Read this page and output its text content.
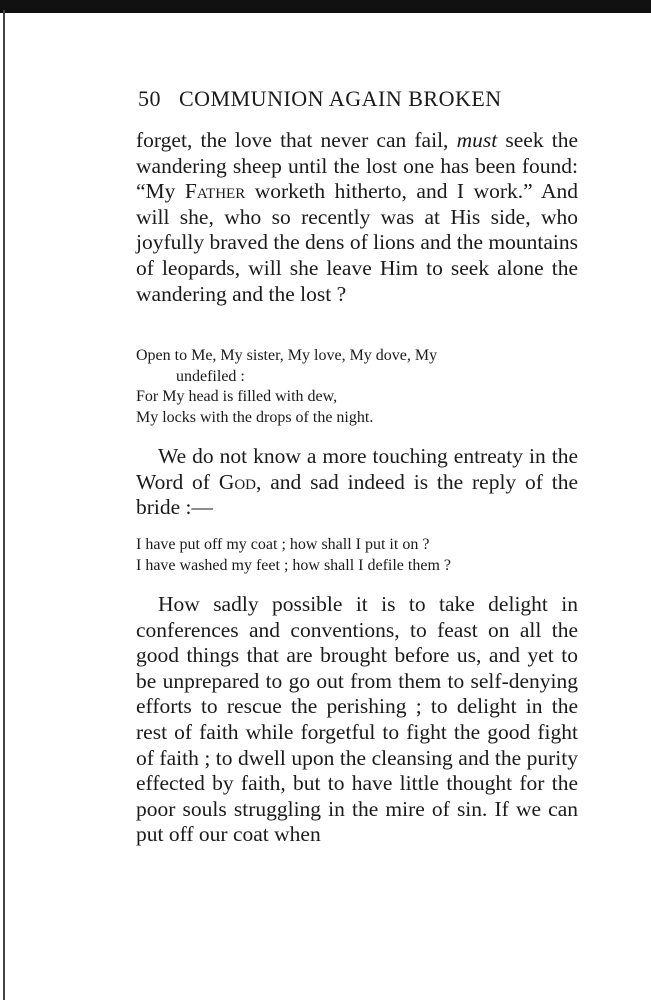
50 COMMUNION AGAIN BROKEN

forget, the love that never can fail, must seek the wandering sheep until the lost one has been found: “My Father worketh hitherto, and I work.” And will she, who so recently was at His side, who joyfully braved the dens of lions and the mountains of leopards, will she leave Him to seek alone the wandering and the lost ?

Open to Me, My sister, My love, My dove, My
undefiled :
For My head is filled with dew,
My locks with the drops of the night.

We do not know a more touching entreaty in the Word of God, and sad indeed is the reply of the bride :—

I have put off my coat ; how shall I put it on ?
I have washed my feet ; how shall I defile them ?

How sadly possible it is to take delight in conferences and conventions, to feast on all the good things that are brought before us, and yet to be unprepared to go out from them to self-denying efforts to rescue the perishing ; to delight in the rest of faith while forgetful to fight the good fight of faith ; to dwell upon the cleansing and the purity effected by faith, but to have little thought for the poor souls struggling in the mire of sin. If we can put off our coat when
